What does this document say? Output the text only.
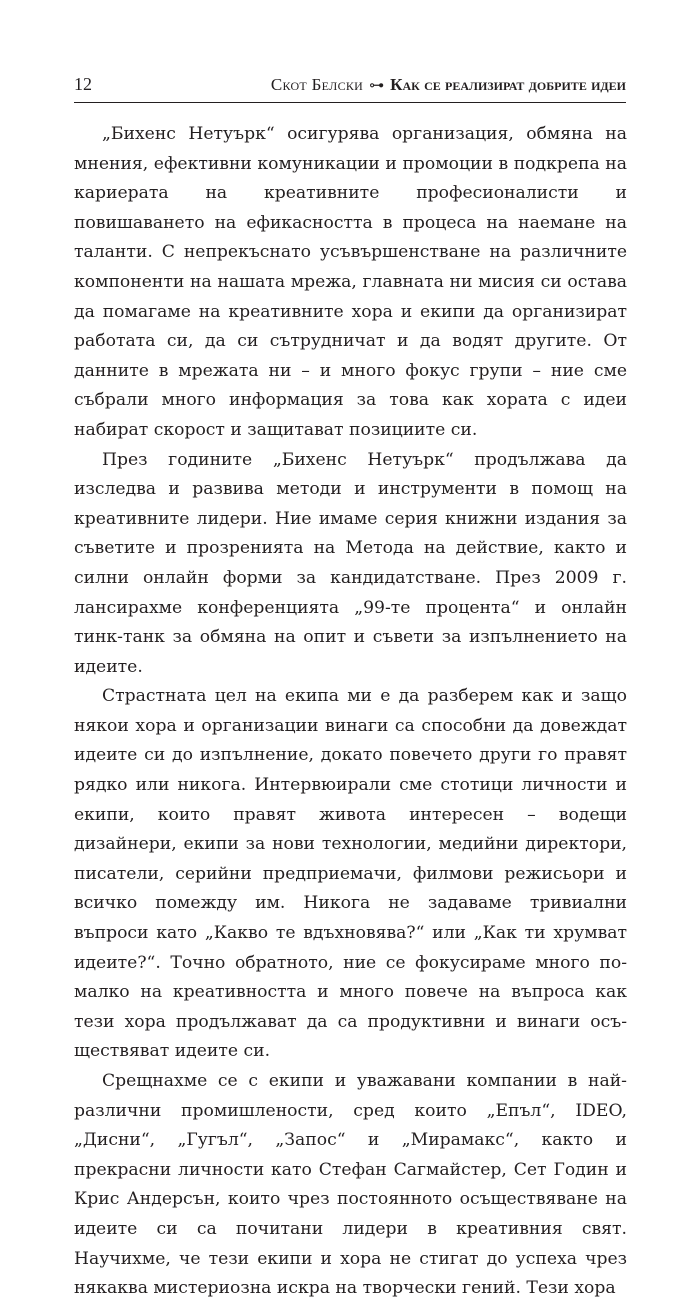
12	Скот Белски ⊶ Как се реализират добрите идеи

„Бихенс Нетуърк“ осигурява организация, обмяна на мнения, ефективни комуникации и промоции в подкрепа на кариерата на креативните професионалисти и повишаването на ефикасността в процеса на наемане на таланти. С непрекъснато усъвършенстване на различните компоненти на нашата мрежа, главната ни мисия си остава да помагаме на креативните хора и екипи да организират работата си, да си сътрудничат и да водят другите. От данните в мрежата ни – и много фокус групи – ние сме събрали много информация за това как хората с идеи набират скорост и защитават позициите си.

През годините „Бихенс Нетуърк“ продължава да изследва и развива методи и инструменти в помощ на креативните лидери. Ние имаме серия книжни издания за съветите и прозренията на Метода на действие, както и силни онлайн форми за кандидатстване. През 2009 г. лансирахме конференцията „99-те процента“ и онлайн тинк-танк за обмяна на опит и съвети за изпълнението на идеите.

Страстната цел на екипа ми е да разберем как и защо някои хора и организации винаги са способни да довеждат идеите си до изпълнение, докато повечето други го правят рядко или никога. Интервюирали сме стотици личности и екипи, които правят живота интересен – водещи дизайнери, екипи за нови технологии, медийни директори, писатели, серийни предприемачи, филмови режисьори и всичко помежду им. Никога не задаваме тривиални въпроси като „Какво те вдъхновява?“ или „Как ти хрумват идеите?“. Точно обратното, ние се фокусираме много по-малко на креативността и много повече на въпроса как тези хора продължават да са продуктивни и винаги осъществяват идеите си.

Срещнахме се с екипи и уважавани компании в най-различни промишлености, сред които „Епъл“, IDEO, „Дисни“, „Гугъл“, „Запос“ и „Мирамакс“, както и прекрасни личности като Стефан Сагмайстер, Сет Годин и Крис Андерсън, които чрез постоянното осъществяване на идеите си са почитани лидери в креативния свят. Научихме, че тези екипи и хора не стигат до успеха чрез някаква мистериозна искра на творчески гений. Тези хора
